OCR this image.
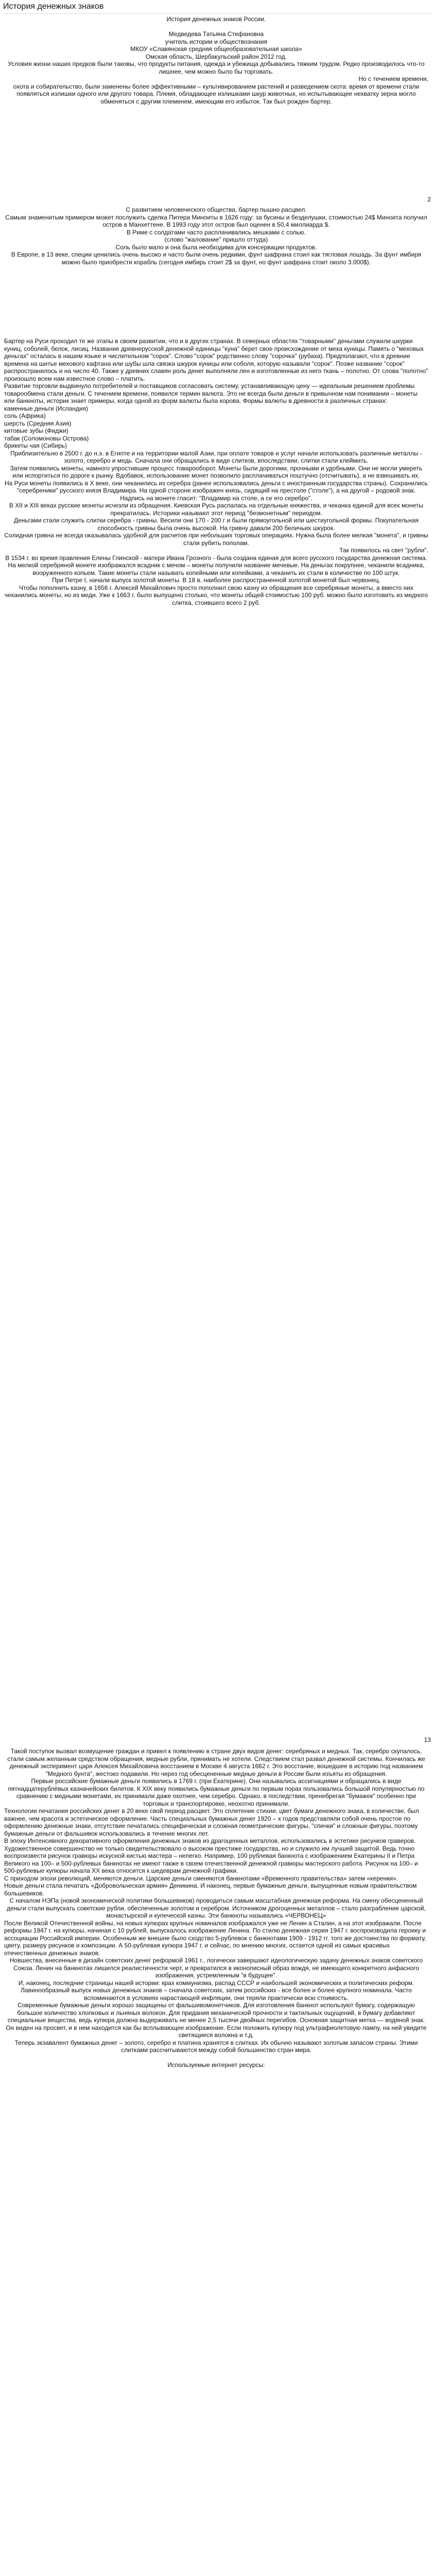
История денежных знаков

История денежных знаков России.

Медведева Татьяна Стефановна

учитель истории и обществознания

МКОУ «Славянская средняя общеобразовательная школа»

Омская область, Шербакульский район 2012 год.

Условия жизни наших предков были таковы, что продукты питания, одежда и убежища добывались тяжким трудом. Редко производилось что-то лишнее, чем можно было бы торговать.

Но с течением времени,

охота и собирательство, были заменены более эффективными – культивированием растений и разведением скота: время от времени стали появляться излишки одного или другого товара. Племя, обладающее излишками шкур животных, но испытывающее нехватку зерна могло обменяться с другим племенем, имеющим его избыток. Так был рожден бартер.

2

С развитием человеческого общества, бартер пышно расцвел.

Самым знаменитым примером может послужить сделка Питера Миноиты в 1626 году: за бусины и безделушки, стоимостью 24$ Миноита получил остров в Манхеттене. В 1993 году этот остров был оценен в 50,4 миллиарда $.

В Риме с солдатами часто расплачивались мешками с солью.

(слово "жалование" пришло оттуда)

Соль было мало и она была необходима для консервации продуктов.

В Европе, в 13 веке, специи ценились очень высоко и часто были очень редкими, фунт шафрана стоил как тягловая лошадь. За фунт имбиря можно было приобрести корабль (сегодня имбирь стоит 2$ за фунт, но фунт шафрана стоит около 3.000$).

Бартер на Руси проходил те же этапы в своем развитии, что и в других странах. В северных областях "товарными" деньгами служили шкурки куниц, соболей, белок, лисиц. Название древнерусской денежной единицы "куна" берет свое происхождение от меха куницы. Память о "меховых деньгах" осталась в нашем языке и числительном "сорок". Слово "сорок" родственно слову "сорочка" (рубаха). Предполагают, что в древние времена на шитье мехового кафтана или шубы шла связка шкурок куницы или соболя, которую называли "сорок". Позже название "сорок" распространилось и на число 40. Также у древних славян роль денег выполняли лен и изготовленные из него ткань – полотно. От слова "полотно" произошло всем нам известное слово – платить.

Развитие торговли выдвинуло потребителей и поставщиков согласовать систему, устанавливающую цену — идеальным решением проблемы товарообмена стали деньги. С течением времени, появился термин валюта. Это не всегда были деньги в привычном нам понимании – монеты или банкноты, историк знает примеры, когда одной из форм валюты была корова. Формы валюты в древности в различных странах:

каменные деньги (Исландия)

соль (Африка)

шерсть (Средняя Азия)

китовые зубы (Фиджи)

табак (Соломоновы Острова)

брикеты чая (Сибирь)

Приблизительно в 2500 г. до н.э. в Египте и на территории малой Азии, при оплате товаров и услуг начали использовать различные металлы - золото, серебро и медь. Сначала они обращались в виде слитков, впоследствии, слитки стали клеймить.

Затем появились монеты, намного упростившие процесс товарооборот. Монеты были дорогими, прочными и удобными. Они не могли умереть или испортиться по дороге к рынку. Вдобавок, использование монет позволило расплачиваться поштучно (отсчитывать), а не взвешивать их.

На Руси монеты появились в X веке, они чеканились из серебра (ранее использовались деньги с иностранным государства страны). Сохранились "серебреники" русского князя Владимира. На одной стороне изображен князь, сидящий на престоле ("столе"), а на другой – родовой знак. Надпись на монете гласит: "Владимир на столе, а се его серебро".

В XII и XIII веках русские монеты исчезли из обращения. Киевская Русь распалась на отдельные княжества, и чеканка единой для всех монеты прекратилась. Историки называют этот период "безмонетным" периодом.

Деньгами стали служить слитки серебра - гривны. Весили они 170 - 200 г и были прямоугольной или шестиугольной формы. Покупательная способность гривны была очень высокой. На гривну давали 200 беличьих шкурок.

Солидная гривна не всегда оказывалась удобной для расчетов при небольших торговых операциях. Нужна была более мелкая "монета", и гривны стали рубить пополам.

Так появилось на свет "рубли".

В 1534 г. во время правления Елены Глинской - матери Ивана Грозного - была создана единая для всего русского государства денежная система. На мелкой серебряной монете изображался всадник с мечом – монеты получили название мечевые. На деньгах покрупнее, чеканили всадника, вооруженного копьем. Такие монеты стали называть копейными или копейками, а чеканить их стали в количестве по 100 штук.

При Петре I, начали выпуск золотой монеты. В 18 в. наиболее распространенной золотой монетой был червонец.

Чтобы пополнить казну, в 1656 г. Алексей Михайлович просто пополнил свою казну из обращения все серебряные монеты, а вместо них чеканились монеты, но из меди. Уже к 1663 г. было выпущено столько, что монеты общей стоимостью 100 руб. можно было изготовить из медного слитка, стоившего всего 2 руб.

13

Такой поступок вызвал возмущение граждан и привел к появлению в стране двух видов денег: серебряных и медных. Так, серебро скупалось, стали самым желанным средством обращения, медные рубли, принимать не хотели. Следствием стал развал денежной системы. Кончилась же денежный эксперимент царя Алексея Михайловича восстанием в Москве 4 августа 1662 г. Это восстание, вошедшее в историю под названием "Медного бунта", жестоко подавили. Но через год обесцененные медные деньги в России были изъяты из обращения.

Первые российские бумажные деньги появились в 1769 г. (при Екатерине). Они назывались ассигнациями и обращались в виде пятнадцатерублёвых казначейских билетов. К XIX веку появились бумажные деньги по первым порах пользовались большой популярностью по сравнению с медными монетами, их принимали даже охотнее, чем серебро. Однако, в последствии, пренебрегая "бумажек" особенно при торговых и транспортировке, неохотно принимали.

Технологии печатания российских денег в 20 веке свой период расцвет. Это сплетение стихии, цвет бумаги денежного знака, в количестве, был важнее, чем красота и эстетическое оформление. Часть специальных бумажных денег 1920 – х годов представляли собой очень простое по оформлению денежные знаки, отсутствие печатались специфическая и сложная геометрические фигуры, "спички" и сложные фигуры, поэтому бумажные деньги от фальшивок использовались в течение многих лет.

В эпоху Интенсивного декоративного оформления денежных знаков из драгоценных металлов, использовались в эстетике рисунков граверов.

Художественное совершенство не только свидетельствовало о высоком престиже государства, но и служило им лучшей защитой. Ведь точно воспроизвести рисунок гравюры искусной кистью мастера – нелегко. Например, 100 рублевая банкнота с изображением Екатерины II и Петра Великого на 100– и 500-рублевых банкнотах не имеют также в своем отечественной денежной гравюры мастерского работа. Рисунок на 100– и 500-рублевые купюры начала XX века относится к шедеврам денежной графики.

С приходом эпохи революций, меняются деньги. Царские деньги сменяются банкнотами «Временного правительства» затем «керенки».

Новые деньги стала печатать «Добровольческая армия» Деникина. И наконец, первые бумажные деньги, выпущенные новым правительством большевиков.

С началом НЭПа (новой экономической политики большевиков) проводиться самым масштабная денежная реформа. На смену обесцененный деньги стали выпускать советские рубли, обеспеченные золотом и серебром. Источником дрогоценных металлов – стало разграбление царской, монастырской и купеческой казны. Эти банкноты назывались «ЧЕРВОНЕЦ»

После Великой Отечественной войны, на новых купюрах крупных номиналов изображался уже не Ленин а Сталин, а на этот изображали. После реформы 1947 г. на купюры, начиная с 10 рублей, выпускалось изображение Ленина. По стилю денежная серия 1947 г. воспроизводила героику и ассоциации Российской империи. Особенным же внешне было сходство 5-рублевок с банкнотами 1909 - 1912 гг. того же достоинства по формату, цвету, размеру рисунков и композиции. А 50-рублевая купюра 1947 г. и сейчас, по мнению многих, остается одной из самых красивых отечественных денежных знаков.

Новшества, внесенные в дизайн советских денег реформой 1961 г., логически завершают идеологическую задачу денежных знаков советского Союза. Ленин на банкнотах лишился реалистичности черт, и превратился в иконописный образ вождя, не имеющего конкретного анфасного изображения, устремленным "в будущее".

И, наконец, последние страницы нашей истории: крах коммунизма, распад СССР и наибольшей экономических и политических реформ. Лавинообразный выпуск новых денежных знаков – сначала советских, затем российских - все более и более крупного номинала. Часто вспоминаются в условиях нарастающей инфляции, они теряли практически всю стоимость.

Современные бумажные деньги хорошо защищены от фальшивомонетчиков. Для изготовления банкнот используют бумагу, содержащую большое количество хлопковых и льняных волокон. Для придания механической прочности и тактильных ощущений, в бумагу добавляют специальные вещества, ведь купюра должна выдерживать не менее 2,5 тысячи двойных перегибов. Основная защитная метка — водяной знак. Он виден на просвет, и в нем находится как бы всплывающее изображение. Если положить купюру под ультрафиолетовую лампу, на ней увидите светящиеся волокна и т.д.

Теперь экзавалент бумажных денег – золото, серебро и платина хранятся в слитках. Их обычно называют золотым запасом страны. Этими слитками рассчитываются между собой большинство стран мира.

Используемые интернет ресурсы:
